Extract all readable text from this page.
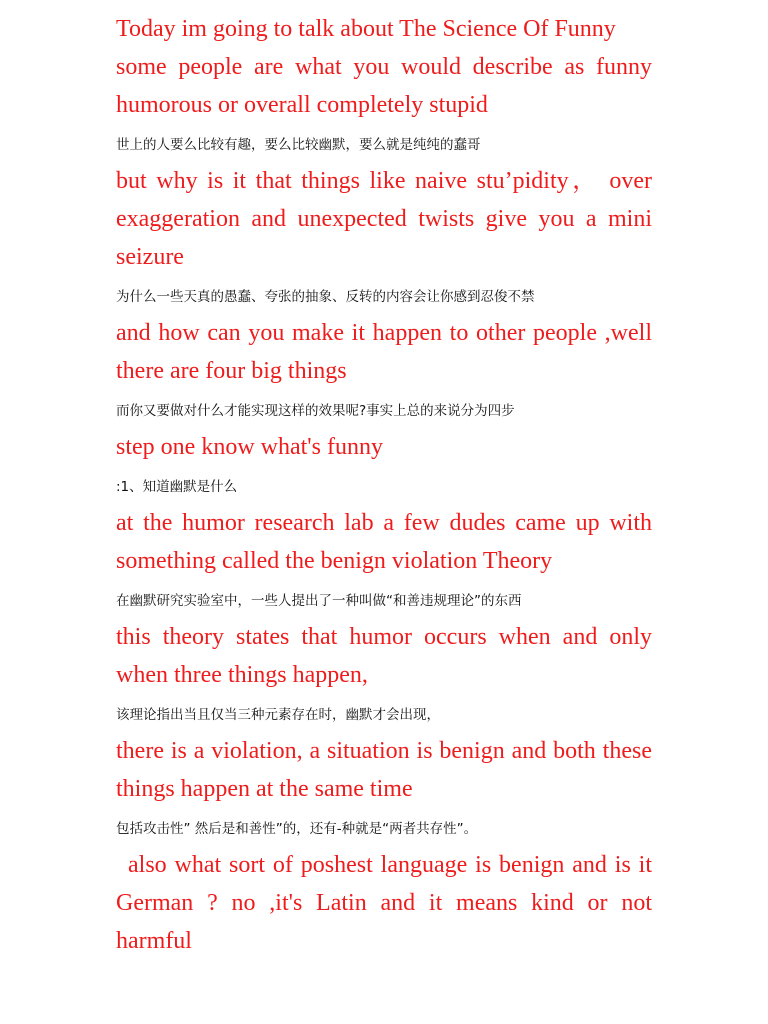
Today im going to talk about The Science Of Funny

some people are what you would describe as funny humorous or overall completely stupid

世上的人要么比较有趣，要么比较幽默，要么就是纯纯的蠢哥

but why is it that things like naive stu’pidity， over exaggeration and unexpected twists give you a mini seizure

为什么一些天真的愚蠢、夸张的抽象、反转的内容会让你感到忍俊不禁

and how can you make it happen to other people ,well there are four big things

而你又要做对什么才能实现这样的效果呢?事实上总的来说分为四步

step one know what's funny

:1、知道幽默是什么

at the humor research lab a few dudes came up with something called the benign violation Theory

在幽默研究实验室中，一些人提出了一种叫做“和善违规理论”的东西

this theory states that humor occurs when and only when three things happen,

该理论指出当且仅当三种元素存在时，幽默才会出现，

there is a violation, a situation is benign and both these things happen at the same time

包括攻击性” 然后是和善性”的，还有-种就是“两者共存性”。

also what sort of poshest language is benign and is it German ? no ,it's Latin and it means kind or not harmful
